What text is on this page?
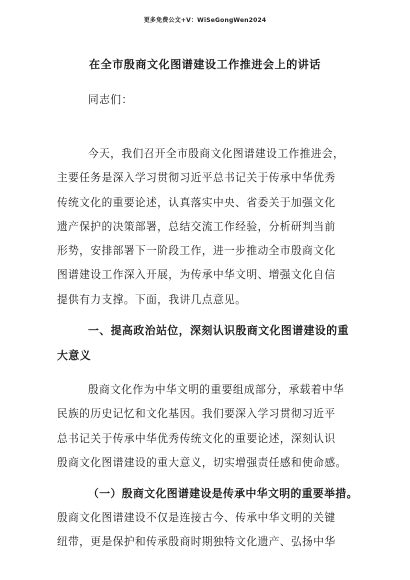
更多免费公文+V：WiSeGongWen2024
在全市殷商文化图谱建设工作推进会上的讲话
同志们：
今天，我们召开全市殷商文化图谱建设工作推进会，
主要任务是深入学习贯彻习近平总书记关于传承中华优秀
传统文化的重要论述，认真落实中央、省委关于加强文化
遗产保护的决策部署，总结交流工作经验，分析研判当前
形势，安排部署下一阶段工作，进一步推动全市殷商文化
图谱建设工作深入开展，为传承中华文明、增强文化自信
提供有力支撑。下面，我讲几点意见。
一、提高政治站位，深刻认识殷商文化图谱建设的重
大意义
殷商文化作为中华文明的重要组成部分，承载着中华
民族的历史记忆和文化基因。我们要深入学习贯彻习近平
总书记关于传承中华优秀传统文化的重要论述，深刻认识
殷商文化图谱建设的重大意义，切实增强责任感和使命感。
（一）殷商文化图谱建设是传承中华文明的重要举措。
殷商文化图谱建设不仅是连接古今、传承中华文明的关键
纽带，更是保护和传承殷商时期独特文化遗产、弘扬中华
